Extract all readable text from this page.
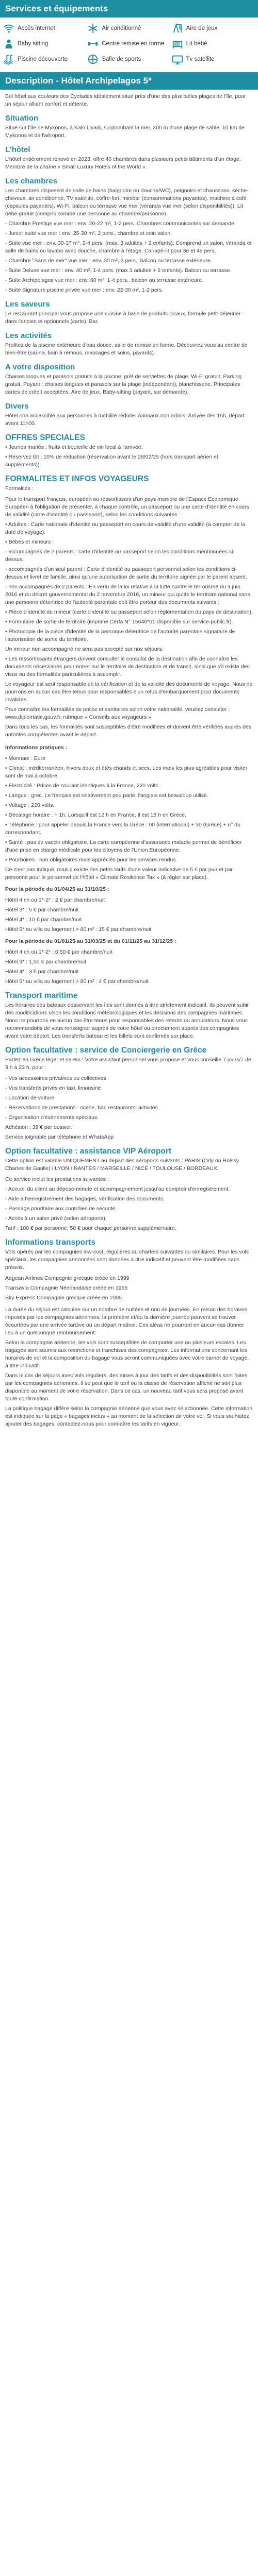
Services et équipements
Accès internet	Air conditionné	Aire de jeux
Baby sitting	Centre remise en forme	Lit bébé
Piscine découverte	Salle de sports	Tv satellite
Description - Hôtel Archipelagos 5*

Bel hôtel aux couleurs des Cyclades idéalement situé près d'une des plus belles plages de l'île, pour un séjour alliant confort et détente.

Situation

Situé sur l'île de Mykonos, à Kalo Livadi, surplombant la mer, 300 m d'une plage de sable, 10 km de Mykonos et de l'aéroport.

L'hôtel

L'hôtel entièrement rénové en 2023, offre 40 chambres dans plusieurs petits bâtiments d'un étage. Membre de la chaîne « Small Luxury Hotels of the World ».

Les chambres

Les chambres disposent de salle de bains (baignoire ou douche/WC), peignoirs et chaussons, sèche-cheveux, air conditionné, TV satellite, coffre-fort, minibar (consommations payantes), machine à café (capsules payantes), Wi-Fi, balcon ou terrasse vue mer (véranda vue mer (selon disponibilités)). Lit bébé gratuit (compris comme une personne au chambre/personne).

- Chambre Prestige vue mer : env. 20-22 m², 1-2 pers. Chambres communicantes sur demande.

- Junior suite vue mer : env. 25-30 m², 2 pers., chambre et coin salon.

- Suite vue mer : env. 30-37 m², 2-4 pers. (max. 3 adultes + 2 enfants). Comprend un salon, véranda et salle de bains ou lavabo avec douche, chambre à l'étage. Canapé-lit pour 3e et 4e pers.

- Chambre "Sans de mer" vue mer : env. 30 m², 2 pers., balcon ou terrasse extérieure.

- Suite Deluxe vue mer : env. 40 m², 1-4 pers. (max 3 adultes + 2 enfants). Balcon ou terrasse.

- Suite Archipelagos vue mer : env. 60 m², 1-4 pers., balcon ou terrasse extérieure.

- Suite Signature piscine privée vue mer : env. 22-30 m², 1-2 pers.

Les saveurs

Le restaurant principal vous propose une cuisine à base de produits locaux, formule petit-déjeuner : dans l'ancien et optionnels (carte). Bar.

Les activités

Profitez de la piscine extérieure d'eau douce, salle de remise en forme. Découvrez vous au centre de bien-être (sauna, bain à remous, massages et soins, payants).

A votre disposition

Chaises longues et parasols gratuits à la piscine, prêt de serviettes de plage. Wi-Fi gratuit. Parking gratuit. Payant : chaises longues et parasols sur la plage (indépendant), blanchisserie. Principales cartes de crédit acceptées. Aire de jeux. Baby-sitting (payant, sur demande).

Divers

Hôtel non accessible aux personnes à mobilité réduite. Animaux non admis. Arrivée dès 15h, départ avant 11h00.

OFFRES SPECIALES

• Jeunes mariés : fruits et bouteille de vin local à l'arrivée.

• Réservez tôt : 10% de réduction (réservation avant le 28/02/25 (hors transport aérien et suppléments)).

FORMALITES ET INFOS VOYAGEURS

Formalités :

Pour le transport français, européen ou ressortissant d'un pays membre de l'Espace Economique Européen à l'obligation de présenter, à chaque contrôle, un passeport ou une carte d'identité en cours de validité (carte d'identité ou passeport), selon les conditions suivantes :

• Adultes : Carte nationale d'identité ou passeport en cours de validité d'une validité (à compter de la date de voyage).

• Bébés et mineurs :

- accompagnés de 2 parents : carte d'identité ou passeport selon les conditions mentionnées ci-dessus.

- accompagnés d'un seul parent : Carte d'identité ou passeport personnel selon les conditions ci-dessus et livret de famille, ainsi qu'une autorisation de sortie du territoire signée par le parent absent.

- non accompagnés de 2 parents : En vertu de la loi relative à la lutte contre le terrorisme du 3 juin 2016 et du décret gouvernemental du 2 novembre 2016, un mineur qui quitte le territoire national sans une personne détentrice de l'autorité parentale doit être porteur des documents suivants :

• Pièce d'identité du mineur (carte d'identité ou passeport selon réglementation du pays de destination).

• Formulaire de sortie de territoire (imprimé Cerfa N° 15646*01 disponible sur service-public.fr).

• Photocopie de la pièce d'identité de la personne détentrice de l'autorité parentale signataire de l'autorisation de sortie du territoire.

Un mineur non accompagné ne sera pas accepté sur nos séjours.

• Les ressortissants étrangers doivent consulter le consulat de la destination afin de connaître les documents nécessaires pour entrer sur le territoire de destination et de transit, ainsi que s'il existe des visas ou des formalités particulières à accomplir.

Le voyageur est seul responsable de la vérification et de la validité des documents de voyage. Nous ne pourrons en aucun cas être tenus pour responsables d'un refus d'embarquement pour documents invalides.

Pour connaître les formalités de police et sanitaires selon votre nationalité, veuillez consulter : www.diplomatie.gouv.fr, rubrique « Conseils aux voyageurs ».

Dans tous les cas, les formalités sont susceptibles d'être modifiées et doivent être vérifiées auprès des autorités compétentes avant le départ.

Informations pratiques :

• Monnaie : Euro

• Climat : méditerranéen, hivers doux et étés chauds et secs. Les mois les plus agréables pour visiter sont de mai à octobre.

• Electricité : Prises de courant identiques à la France, 220 volts.

• Langue : grec. Le français est relativement peu parlé, l'anglais est beaucoup utilisé.

• Voltage : 220 volts.

• Décalage horaire : + 1h. Lorsqu'il est 12 h en France, il est 13 h en Grèce.

• Téléphone : pour appeler depuis la France vers la Grèce : 00 (international) + 30 (Grèce) + n° du correspondant.

• Santé : pas de vaccin obligatoire. La carte européenne d'assurance maladie permet de bénéficier d'une prise en charge médicale pour les citoyens de l'Union Européenne.

• Pourboires : non obligatoires mais appréciés pour les services rendus.

Ce n'est pas indiqué, mais il existe des petits tarifs d'une valeur indicative de 5 € par jour et par personne pour le personnel de l'hôtel « Climate Resilience Tax » (à régler sur place).

Pour la période du 01/04/25 au 31/10/25 :

Hôtel 4 ch ou 1*-2* : 2 € par chambre/nuit

Hôtel 3* : 5 € par chambre/nuit

Hôtel 4* : 10 € par chambre/nuit

Hôtel 5* ou villa ou logement > 80 m² : 15 € par chambre/nuit

Pour la période du 01/01/25 au 31/03/25 et du 01/11/25 au 31/12/25 :

Hôtel 4 ch ou 1*-2* : 0,50 € par chambre/nuit

Hôtel 3* : 1,50 € par chambre/nuit

Hôtel 4* : 3 € par chambre/nuit

Hôtel 5* ou villa ou logement > 80 m² : 4 € par chambre/nuit

Transport maritime

Les horaires des bateaux desservant les îles sont donnés à titre strictement indicatif. Ils peuvent subir des modifications selon les conditions météorologiques et les décisions des compagnies maritimes. Nous ne pourrons en aucun cas être tenus pour responsables des retards ou annulations. Nous vous recommandons de vous renseigner auprès de votre hôtel ou directement auprès des compagnies avant votre départ. Les transferts bateau et les billets sont confirmés sur place.

Option facultative : service de Conciergerie en Grèce

Partez en Grèce léger et serein ! Votre assistant personnel vous propose et vous conseille 7 jours/7 de 9 h à 23 h, pour :

- Vos accessoires privatives ou collectives

- Vos transferts privés en taxi, limousine

- Location de voiture

- Réservations de prestations : scène, bar, restaurants, activités.

- Organisation d'événements spéciaux.

Adhésion : 39 € par dossier.

Service joignable par téléphone et WhatsApp

Option facultative : assistance VIP Aéroport

Cette option est valable UNIQUEMENT au départ des aéroports suivants : PARIS (Orly ou Roissy Charles de Gaulle) / LYON / NANTES / MARSEILLE / NICE / TOULOUSE / BORDEAUX.

Ce service inclut les prestations suivantes :

- Accueil du client au dépose-minute et accompagnement jusqu'au comptoir d'enregistrement.

- Aide à l'enregistrement des bagages, vérification des documents.

- Passage prioritaire aux contrôles de sécurité.

- Accès à un salon privé (selon aéroports).

Tarif : 100 € par personne, 50 € pour chaque personne supplémentaire.

Informations transports

Vols opérés par les compagnies low-cost, régulières ou charters suivantes ou similaires. Pour les vols spéciaux, les compagnies annoncées sont données à titre indicatif et peuvent être modifiées sans préavis.

Aegean Airlines Compagnie grecque créée en 1999

Transavia Compagnie Néerlandaise créée en 1965

Sky Express Compagnie grecque créée en 2005

La durée du séjour est calculée sur un nombre de nuitées et non de journées. En raison des horaires imposés par les compagnies aériennes, la première et/ou la dernière journée peuvent se trouver écourtées par une arrivée tardive ou un départ matinal. Ces aléas ne pourront en aucun cas donner lieu à un quelconque remboursement.

Selon la compagnie aérienne, les vols sont susceptibles de comporter une ou plusieurs escales. Les bagages sont soumis aux restrictions et franchises des compagnies. Les informations concernant les horaires de vol et la composition du bagage vous seront communiquées avec votre carnet de voyage, à titre indicatif.

Dans le cas de séjours avec vols réguliers, des mises à jour des tarifs et des disponibilités sont faites par les compagnies aériennes. Il se peut que le tarif ou la classe de réservation affiché ne soit plus disponible au moment de votre réservation. Dans ce cas, un nouveau tarif vous sera proposé avant toute confirmation.

La politique bagage diffère selon la compagnie aérienne que vous avez sélectionnée. Cette information est indiquée sur la page « bagages inclus » au moment de la sélection de votre vol. Si vous souhaitez ajouter des bagages, contactez-nous pour connaître les tarifs en vigueur.
